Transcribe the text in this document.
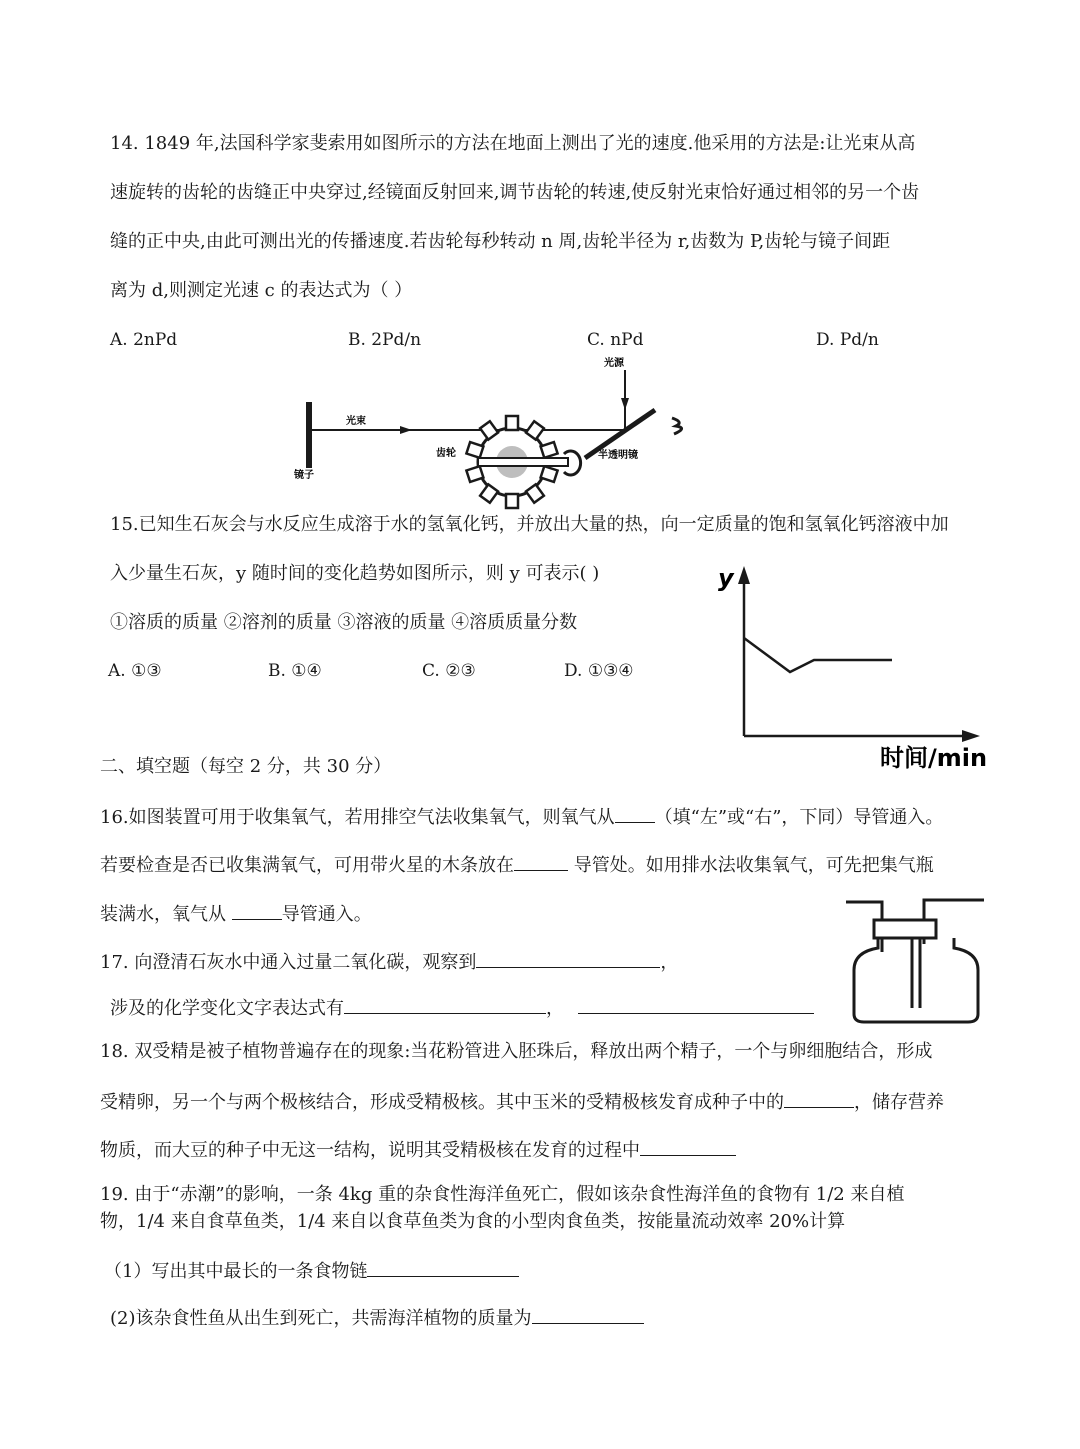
14. 1849 年,法国科学家斐索用如图所示的方法在地面上测出了光的速度.他采用的方法是:让光束从高
速旋转的齿轮的齿缝正中央穿过,经镜面反射回来,调节齿轮的转速,使反射光束恰好通过相邻的另一个齿
缝的正中央,由此可测出光的传播速度.若齿轮每秒转动 n 周,齿轮半径为 r,齿数为 P,齿轮与镜子间距
离为 d,则测定光速 c 的表达式为（ ）
A. 2nPd	B. 2Pd/n	C. nPd	D. Pd/n
光源
光束
齿轮
镜子
半透明镜
15.已知生石灰会与水反应生成溶于水的氢氧化钙，并放出大量的热，向一定质量的饱和氢氧化钙溶液中加
入少量生石灰，y 随时间的变化趋势如图所示，则 y 可表示( )
①溶质的质量 ②溶剂的质量 ③溶液的质量 ④溶质质量分数
A. ①③	B. ①④	C. ②③	D. ①③④
y
时间/min
二、填空题（每空 2 分，共 30 分）
16.如图装置可用于收集氧气，若用排空气法收集氧气，则氧气从 （填“左”或“右”，下同）导管通入。
若要检查是否已收集满氧气，可用带火星的木条放在	导管处。如用排水法收集氧气，可先把集气瓶
装满水，氧气从	导管通入。
17. 向澄清石灰水中通入过量二氧化碳，观察到	，
涉及的化学变化文字表达式有	，
18. 双受精是被子植物普遍存在的现象:当花粉管进入胚珠后，释放出两个精子，一个与卵细胞结合，形成
受精卵，另一个与两个极核结合，形成受精极核。其中玉米的受精极核发育成种子中的	，储存营养
物质，而大豆的种子中无这一结构，说明其受精极核在发育的过程中
19. 由于“赤潮”的影响，一条 4kg 重的杂食性海洋鱼死亡，假如该杂食性海洋鱼的食物有 1/2 来自植
物，1/4 来自食草鱼类，1/4 来自以食草鱼类为食的小型肉食鱼类，按能量流动效率 20%计算
（1）写出其中最长的一条食物链
(2)该杂食性鱼从出生到死亡，共需海洋植物的质量为
